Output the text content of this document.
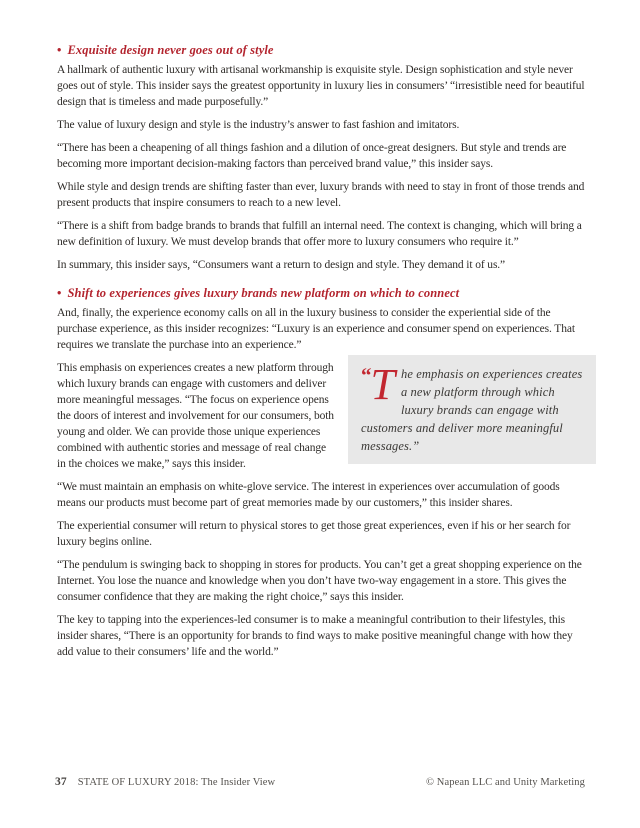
• Exquisite design never goes out of style

A hallmark of authentic luxury with artisanal workmanship is exquisite style. Design sophistication and style never goes out of style. This insider says the greatest opportunity in luxury lies in consumers’ “irresistible need for beautiful design that is timeless and made purposefully.”

The value of luxury design and style is the industry’s answer to fast fashion and imitators.

“There has been a cheapening of all things fashion and a dilution of once-great designers. But style and trends are becoming more important decision-making factors than perceived brand value,” this insider says.

While style and design trends are shifting faster than ever, luxury brands with need to stay in front of those trends and present products that inspire consumers to reach to a new level.

“There is a shift from badge brands to brands that fulfill an internal need. The context is changing, which will bring a new definition of luxury. We must develop brands that offer more to luxury consumers who require it.”

In summary, this insider says, “Consumers want a return to design and style. They demand it of us.”

• Shift to experiences gives luxury brands new platform on which to connect

And, finally, the experience economy calls on all in the luxury business to consider the experiential side of the purchase experience, as this insider recognizes: “Luxury is an experience and consumer spend on experiences. That requires we translate the purchase into an experience.”

“T he emphasis on experiences creates a new platform through which luxury brands can engage with customers and deliver more meaningful messages.”

This emphasis on experiences creates a new platform through which luxury brands can engage with customers and deliver more meaningful messages. “The focus on experience opens the doors of interest and involvement for our consumers, both young and older. We can provide those unique experiences combined with authentic stories and message of real change in the choices we make,” says this insider.

“We must maintain an emphasis on white-glove service. The interest in experiences over accumulation of goods means our products must become part of great memories made by our customers,” this insider shares.

The experiential consumer will return to physical stores to get those great experiences, even if his or her search for luxury begins online.

“The pendulum is swinging back to shopping in stores for products. You can’t get a great shopping experience on the Internet. You lose the nuance and knowledge when you don’t have two-way engagement in a store. This gives the consumer confidence that they are making the right choice,” says this insider.

The key to tapping into the experiences-led consumer is to make a meaningful contribution to their lifestyles, this insider shares, “There is an opportunity for brands to find ways to make positive meaningful change with how they add value to their consumers’ life and the world.”

37 STATE OF LUXURY 2018: The Insider View	© Napean LLC and Unity Marketing
